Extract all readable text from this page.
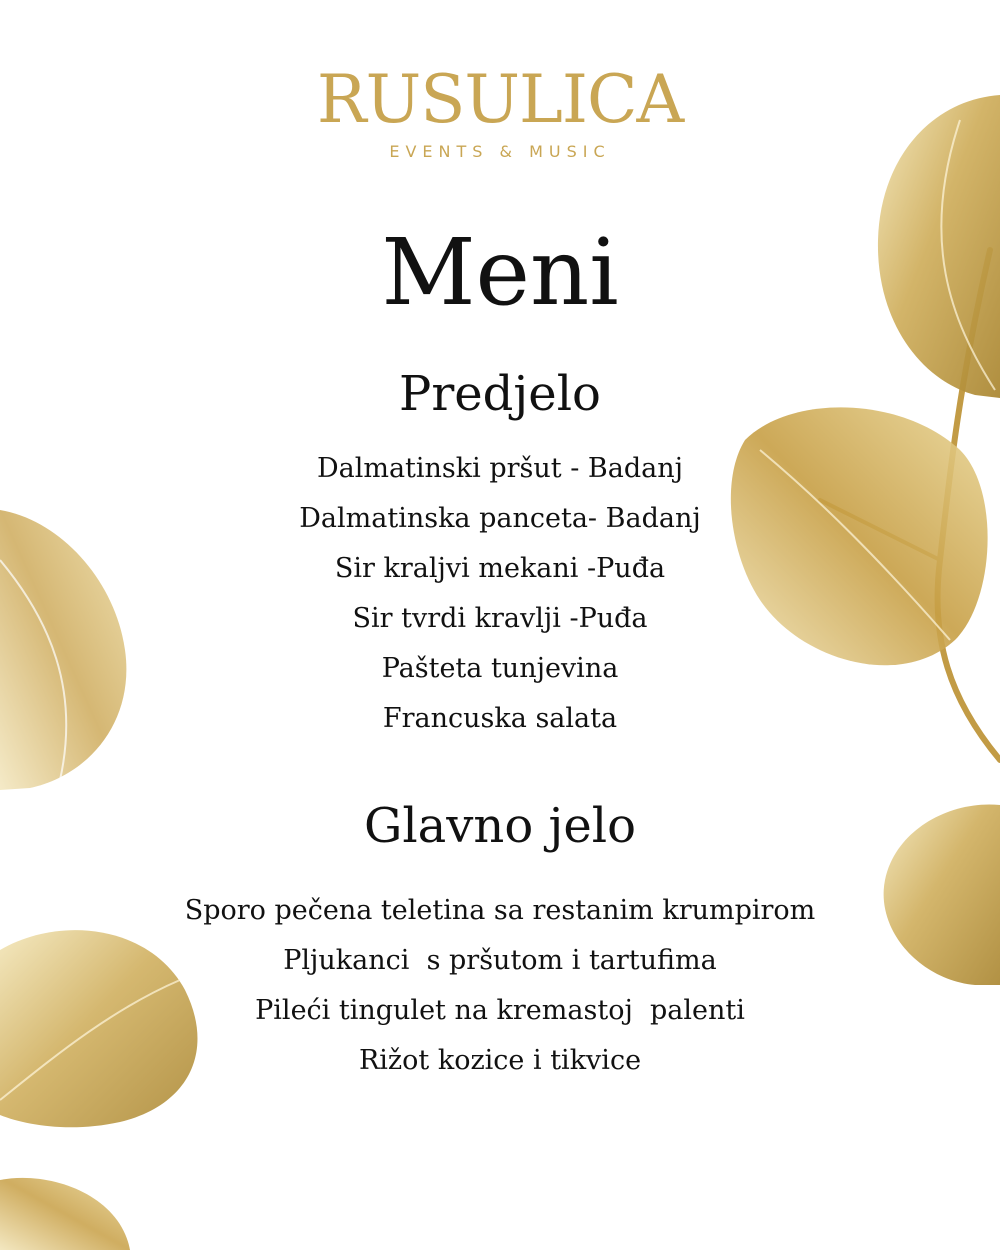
RUSULICA
EVENTS & MUSIC
Meni
Predjelo
Dalmatinski pršut - Badanj
Dalmatinska panceta- Badanj
Sir kraljvi mekani -Puđa
Sir tvrdi kravlji -Puđa
Pašteta tunjevina
Francuska salata
Glavno jelo
Sporo pečena teletina sa restanim krumpirom
Pljukanci  s pršutom i tartufima
Pileći tingulet na kremastoj  palenti
Rižot kozice i tikvice
